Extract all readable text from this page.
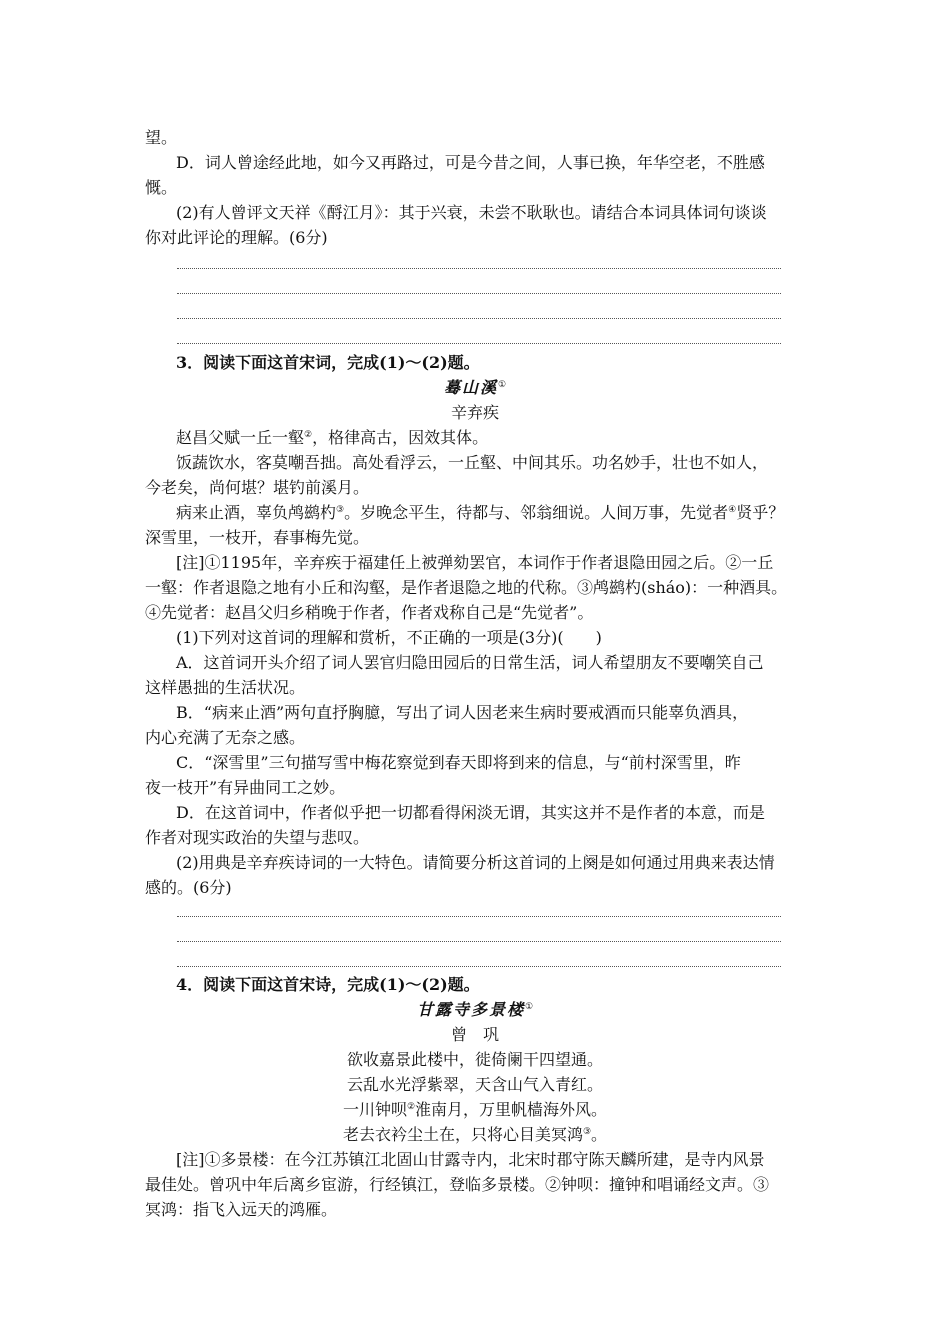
望。
D．词人曾途经此地，如今又再路过，可是今昔之间，人事已换，年华空老，不胜感
慨。
(2)有人曾评文天祥《酹江月》：其于兴衰，未尝不耿耿也。请结合本词具体词句谈谈
你对此评论的理解。(6分)
3．阅读下面这首宋词，完成(1)～(2)题。
蓦山溪①
辛弃疾
赵昌父赋一丘一壑②，格律高古，因效其体。
饭蔬饮水，客莫嘲吾拙。高处看浮云，一丘壑、中间其乐。功名妙手，壮也不如人，
今老矣，尚何堪？堪钓前溪月。
病来止酒，辜负鸬鹚杓③。岁晚念平生，待都与、邻翁细说。人间万事，先觉者④贤乎？
深雪里，一枝开，春事梅先觉。
[注]①1195年，辛弃疾于福建任上被弹劾罢官，本词作于作者退隐田园之后。②一丘
一壑：作者退隐之地有小丘和沟壑，是作者退隐之地的代称。③鸬鹚杓(sháo)：一种酒具。
④先觉者：赵昌父归乡稍晚于作者，作者戏称自己是“先觉者”。
(1)下列对这首词的理解和赏析，不正确的一项是(3分)(　　)
A．这首词开头介绍了词人罢官归隐田园后的日常生活，词人希望朋友不要嘲笑自己
这样愚拙的生活状况。
B．“病来止酒”两句直抒胸臆，写出了词人因老来生病时要戒酒而只能辜负酒具，
内心充满了无奈之感。
C．“深雪里”三句描写雪中梅花察觉到春天即将到来的信息，与“前村深雪里，昨
夜一枝开”有异曲同工之妙。
D．在这首词中，作者似乎把一切都看得闲淡无谓，其实这并不是作者的本意，而是
作者对现实政治的失望与悲叹。
(2)用典是辛弃疾诗词的一大特色。请简要分析这首词的上阕是如何通过用典来表达情
感的。(6分)
4．阅读下面这首宋诗，完成(1)～(2)题。
甘露寺多景楼①
曾　巩
欲收嘉景此楼中，徙倚阑干四望通。
云乱水光浮紫翠，天含山气入青红。
一川钟呗②淮南月，万里帆樯海外风。
老去衣衿尘土在，只将心目美冥鸿③。
[注]①多景楼：在今江苏镇江北固山甘露寺内，北宋时郡守陈天麟所建，是寺内风景
最佳处。曾巩中年后离乡宦游，行经镇江，登临多景楼。②钟呗：撞钟和唱诵经文声。③
冥鸿：指飞入远天的鸿雁。
